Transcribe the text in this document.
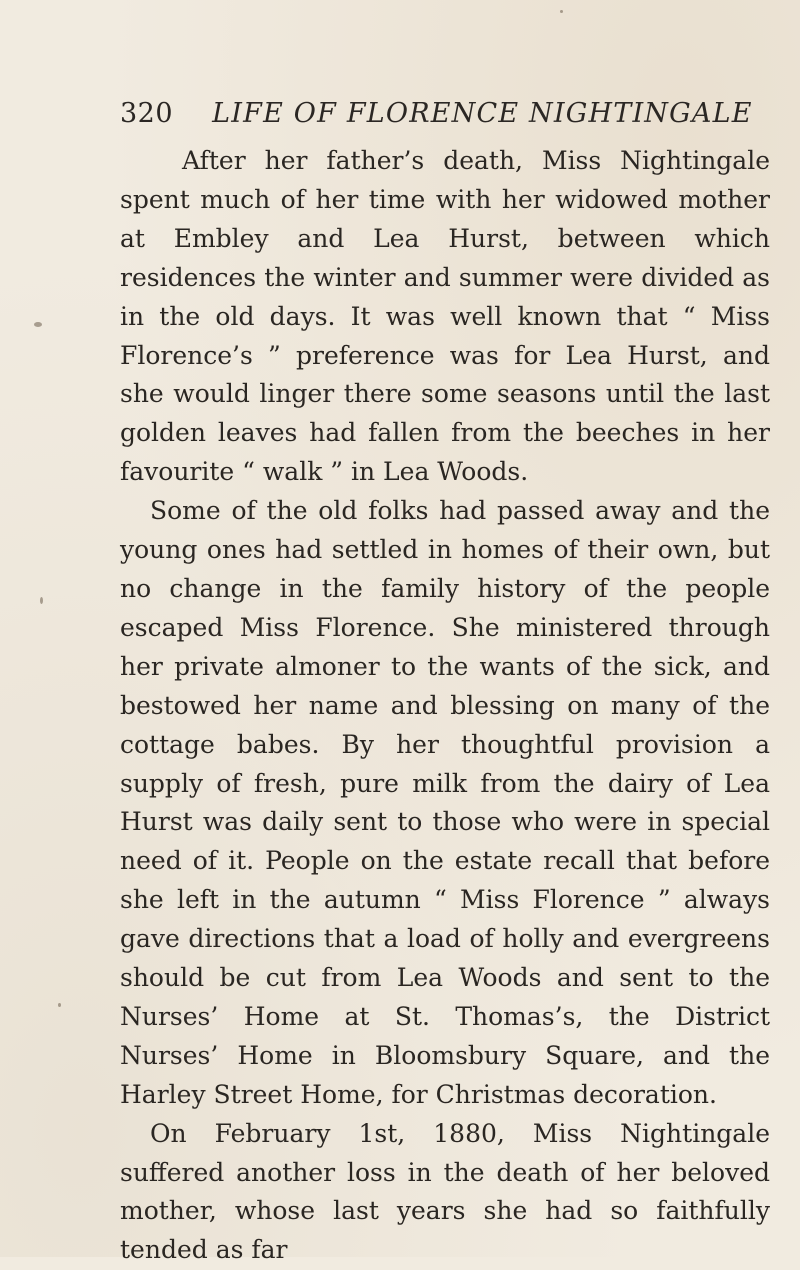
320 LIFE OF FLORENCE NIGHTINGALE

After her father’s death, Miss Nightingale spent much of her time with her widowed mother at Embley and Lea Hurst, between which residences the winter and summer were divided as in the old days. It was well known that “ Miss Florence’s ” preference was for Lea Hurst, and she would linger there some seasons until the last golden leaves had fallen from the beeches in her favourite “ walk ” in Lea Woods.

Some of the old folks had passed away and the young ones had settled in homes of their own, but no change in the family history of the people escaped Miss Florence. She ministered through her private almoner to the wants of the sick, and bestowed her name and blessing on many of the cottage babes. By her thoughtful provision a supply of fresh, pure milk from the dairy of Lea Hurst was daily sent to those who were in special need of it. People on the estate recall that before she left in the autumn “ Miss Florence ” always gave directions that a load of holly and evergreens should be cut from Lea Woods and sent to the Nurses’ Home at St. Thomas’s, the District Nurses’ Home in Bloomsbury Square, and the Harley Street Home, for Christmas decoration.

On February 1st, 1880, Miss Nightingale suffered another loss in the death of her beloved mother, whose last years she had so faithfully tended as far
